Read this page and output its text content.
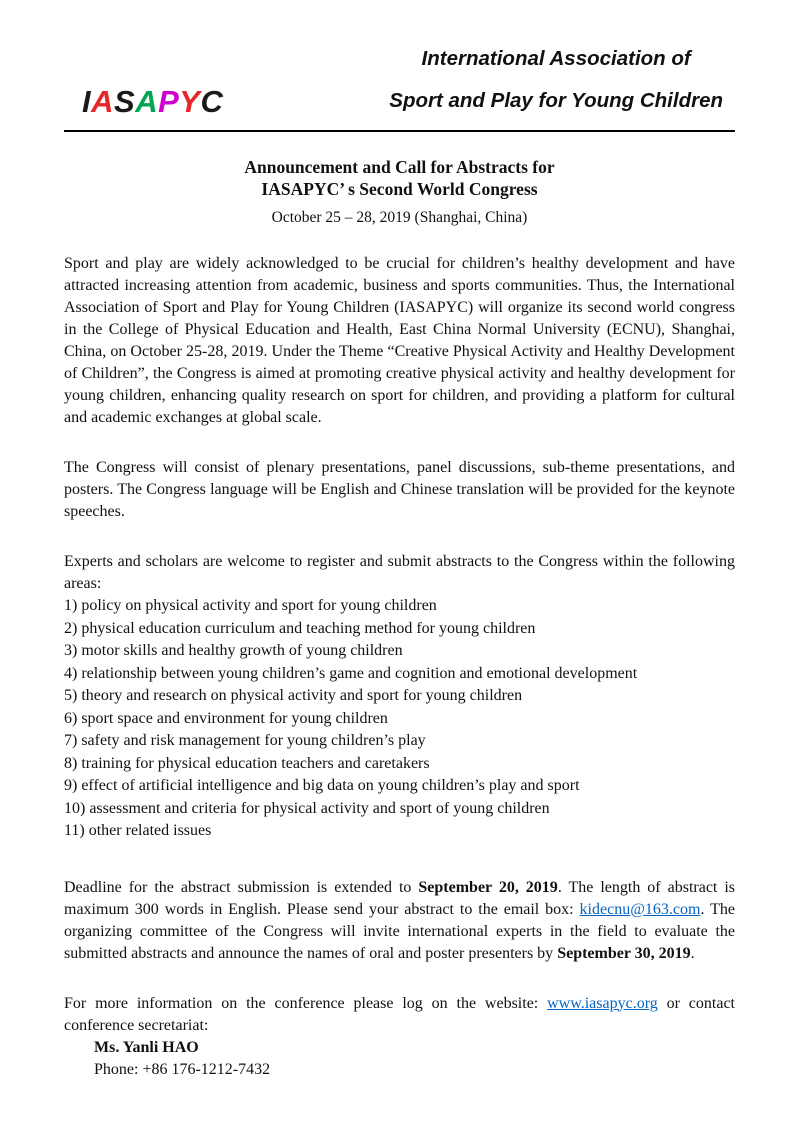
IASAPYC
International Association of
Sport and Play for Young Children
Announcement and Call for Abstracts for
IASAPYC’ s Second World Congress
October 25 – 28, 2019 (Shanghai, China)

Sport and play are widely acknowledged to be crucial for children’s healthy development and have attracted increasing attention from academic, business and sports communities. Thus, the International Association of Sport and Play for Young Children (IASAPYC) will organize its second world congress in the College of Physical Education and Health, East China Normal University (ECNU), Shanghai, China, on October 25-28, 2019. Under the Theme “Creative Physical Activity and Healthy Development of Children”, the Congress is aimed at promoting creative physical activity and healthy development for young children, enhancing quality research on sport for children, and providing a platform for cultural and academic exchanges at global scale.

The Congress will consist of plenary presentations, panel discussions, sub-theme presentations, and posters. The Congress language will be English and Chinese translation will be provided for the keynote speeches.

Experts and scholars are welcome to register and submit abstracts to the Congress within the following areas:

1) policy on physical activity and sport for young children
2) physical education curriculum and teaching method for young children
3) motor skills and healthy growth of young children
4) relationship between young children’s game and cognition and emotional development
5) theory and research on physical activity and sport for young children
6) sport space and environment for young children
7) safety and risk management for young children’s play
8) training for physical education teachers and caretakers
9) effect of artificial intelligence and big data on young children’s play and sport
10) assessment and criteria for physical activity and sport of young children
11) other related issues

Deadline for the abstract submission is extended to September 20, 2019. The length of abstract is maximum 300 words in English. Please send your abstract to the email box: kidecnu@163.com. The organizing committee of the Congress will invite international experts in the field to evaluate the submitted abstracts and announce the names of oral and poster presenters by September 30, 2019.

For more information on the conference please log on the website: www.iasapyc.org or contact conference secretariat:

Ms. Yanli HAO
Phone: +86 176-1212-7432
